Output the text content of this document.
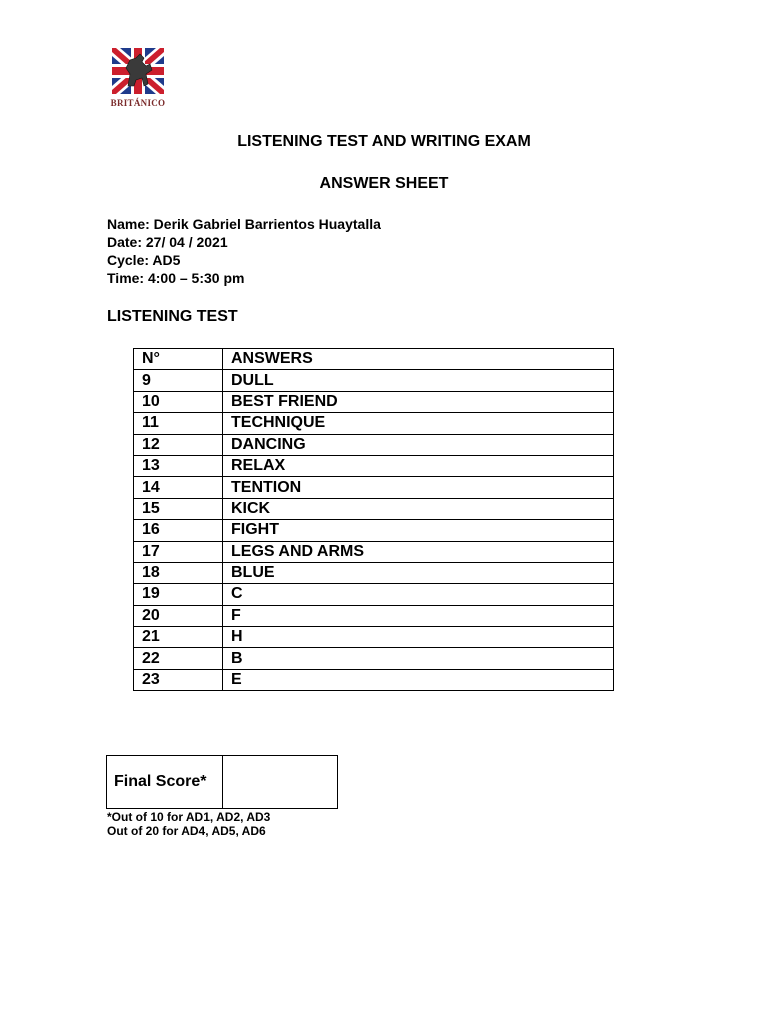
BRITÁNICO
LISTENING TEST AND WRITING EXAM
ANSWER SHEET
Name: Derik Gabriel Barrientos Huaytalla
Date: 27/ 04 / 2021
Cycle: AD5
Time: 4:00 – 5:30 pm
LISTENING TEST
N°	ANSWERS
9	DULL
10	BEST FRIEND
11	TECHNIQUE
12	DANCING
13	RELAX
14	TENTION
15	KICK
16	FIGHT
17	LEGS AND ARMS
18	BLUE
19	C
20	F
21	H
22	B
23	E
Final Score*
*Out of 10 for AD1, AD2, AD3
Out of 20 for AD4, AD5, AD6
